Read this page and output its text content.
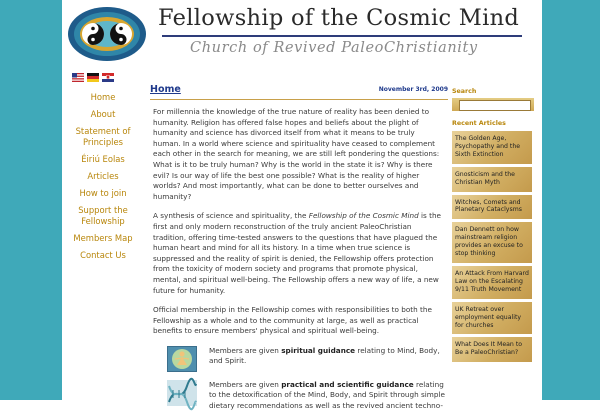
Fellowship of the Cosmic Mind
Church of Revived PaleoChristianity
Home
About
Statement of Principles
Éiriú Eolas
Articles
How to join
Support the Fellowship
Members Map
Contact Us
Home	November 3rd, 2009

For millennia the knowledge of the true nature of reality has been denied to humanity. Religion has offered false hopes and beliefs about the plight of humanity and science has divorced itself from what it means to be truly human. In a world where science and spirituality have ceased to complement each other in the search for meaning, we are still left pondering the questions: What is it to be truly human? Why is the world in the state it is? Why is there evil? Is our way of life the best one possible? What is the reality of higher worlds? And most importantly, what can be done to better ourselves and humanity?

A synthesis of science and spirituality, the Fellowship of the Cosmic Mind is the first and only modern reconstruction of the truly ancient PaleoChristian tradition, offering time-tested answers to the questions that have plagued the human heart and mind for all its history. In a time when true science is suppressed and the reality of spirit is denied, the Fellowship offers protection from the toxicity of modern society and programs that promote physical, mental, and spiritual well-being. The Fellowship offers a new way of life, a new future for humanity.

Official membership in the Fellowship comes with responsibilities to both the Fellowship as a whole and to the community at large, as well as practical benefits to ensure members' physical and spiritual well-being.

Members are given spiritual guidance relating to Mind, Body, and Spirit.
Members are given practical and scientific guidance relating to the detoxification of the Mind, Body, and Spirit through simple dietary recommendations as well as the revived ancient techno-
Search
Recent Articles
The Golden Age, Psychopathy and the Sixth Extinction
Gnosticism and the Christian Myth
Witches, Comets and Planetary Cataclysms
Dan Dennett on how mainstream religion provides an excuse to stop thinking
An Attack From Harvard Law on the Escalating 9/11 Truth Movement
UK Retreat over employment equality for churches
What Does It Mean to Be a PaleoChristian?
